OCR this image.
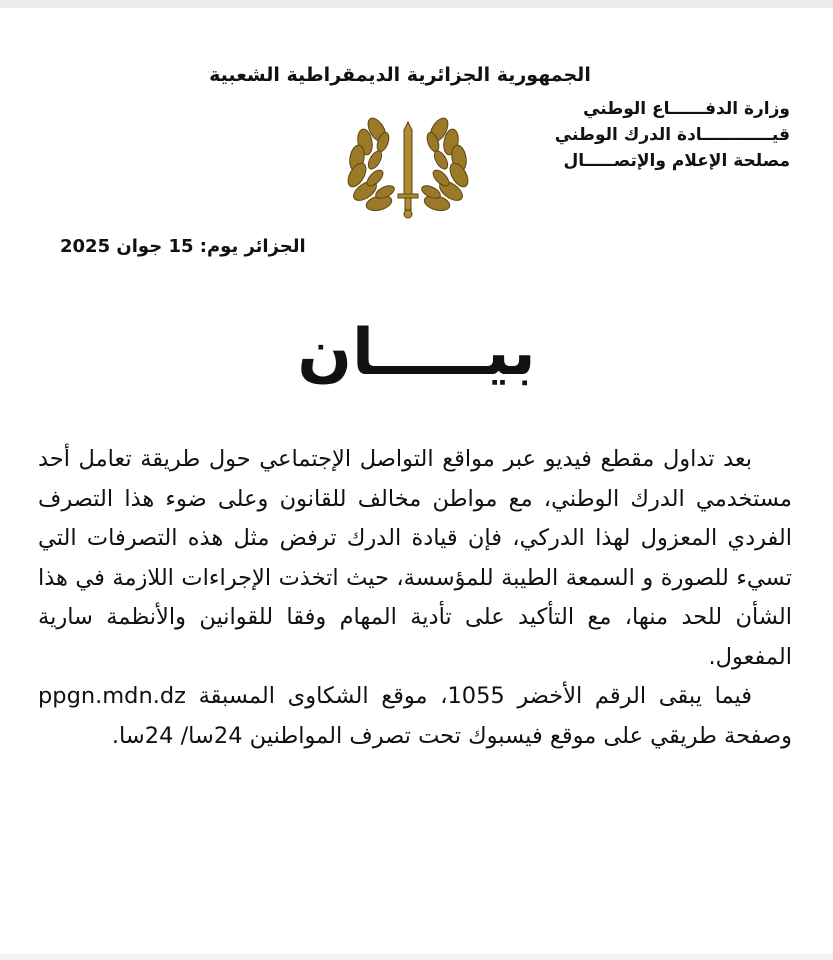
الجمهورية الجزائرية الديمقراطية الشعبية
وزارة الدفــــــاع الوطني
قيــــــــــــادة الدرك الوطني
مصلحة الإعلام والإتصـــــال
الجزائر يوم: 15 جوان 2025
بيـــــان

بعد تداول مقطع فيديو عبر مواقع التواصل الإجتماعي حول طريقة تعامل أحد مستخدمي الدرك الوطني، مع مواطن مخالف للقانون وعلى ضوء هذا التصرف الفردي المعزول لهذا الدركي، فإن قيادة الدرك ترفض مثل هذه التصرفات التي تسيء للصورة و السمعة الطيبة للمؤسسة، حيث اتخذت الإجراءات اللازمة في هذا الشأن للحد منها، مع التأكيد على تأدية المهام وفقا للقوانين والأنظمة سارية المفعول.

فيما يبقى الرقم الأخضر 1055، موقع الشكاوى المسبقة ppgn.mdn.dz وصفحة طريقي على موقع فيسبوك تحت تصرف المواطنين 24سا/ 24سا.
